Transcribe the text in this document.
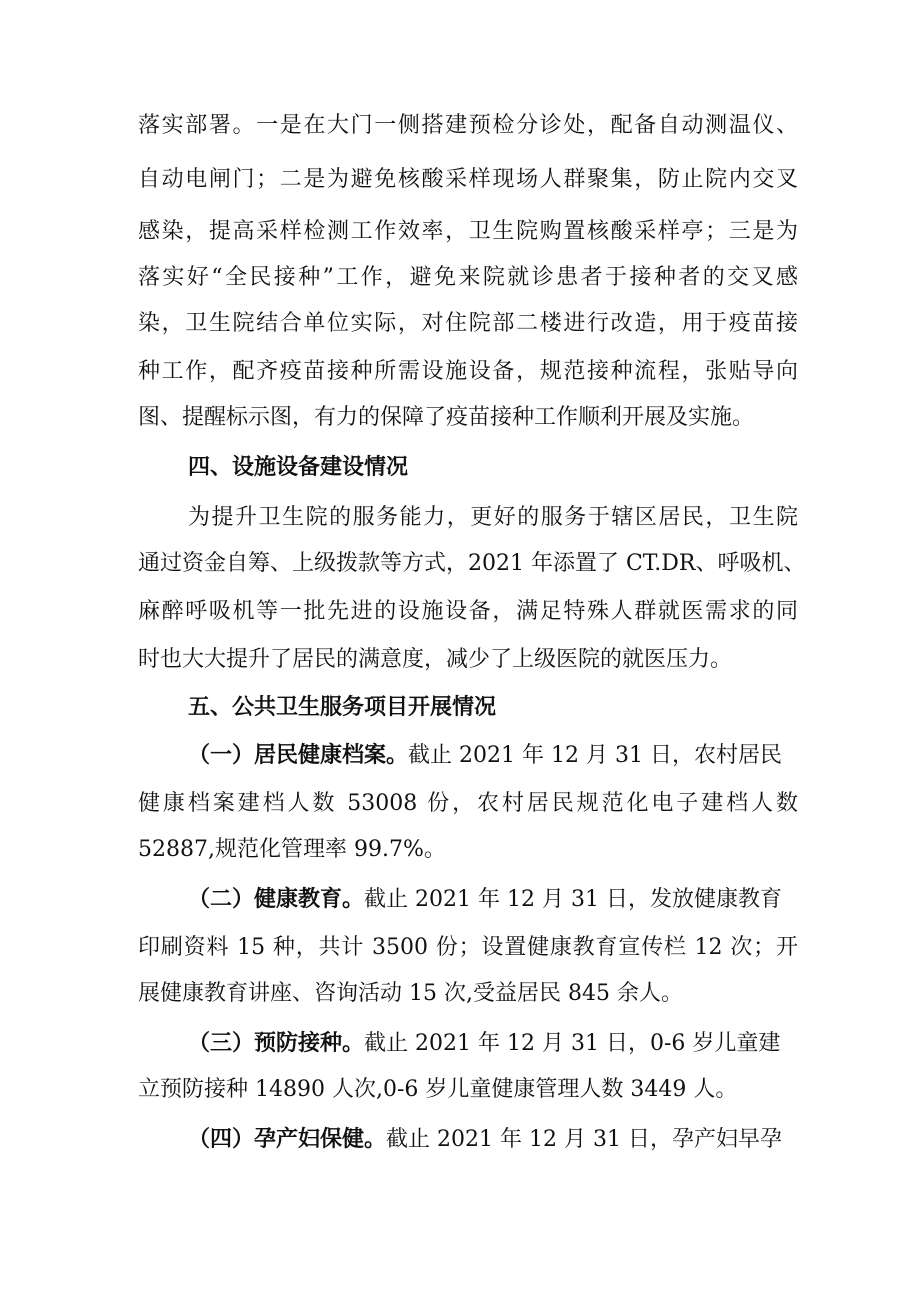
落实部署。一是在大门一侧搭建预检分诊处，配备自动测温仪、
自动电闸门；二是为避免核酸采样现场人群聚集，防止院内交叉
感染，提高采样检测工作效率，卫生院购置核酸采样亭；三是为
落实好“全民接种”工作，避免来院就诊患者于接种者的交叉感
染，卫生院结合单位实际，对住院部二楼进行改造，用于疫苗接
种工作，配齐疫苗接种所需设施设备，规范接种流程，张贴导向
图、提醒标示图，有力的保障了疫苗接种工作顺利开展及实施。
四、设施设备建设情况
为提升卫生院的服务能力，更好的服务于辖区居民，卫生院
通过资金自筹、上级拨款等方式，2021 年添置了 CT.DR、呼吸机、
麻醉呼吸机等一批先进的设施设备，满足特殊人群就医需求的同
时也大大提升了居民的满意度，减少了上级医院的就医压力。
五、公共卫生服务项目开展情况
（一）居民健康档案。截止 2021 年 12 月 31 日，农村居民
健康档案建档人数 53008 份，农村居民规范化电子建档人数
52887,规范化管理率 99.7%。
（二）健康教育。截止 2021 年 12 月 31 日，发放健康教育
印刷资料 15 种，共计 3500 份；设置健康教育宣传栏 12 次；开
展健康教育讲座、咨询活动 15 次,受益居民 845 余人。
（三）预防接种。截止 2021 年 12 月 31 日，0-6 岁儿童建
立预防接种 14890 人次,0-6 岁儿童健康管理人数 3449 人。
（四）孕产妇保健。截止 2021 年 12 月 31 日，孕产妇早孕
